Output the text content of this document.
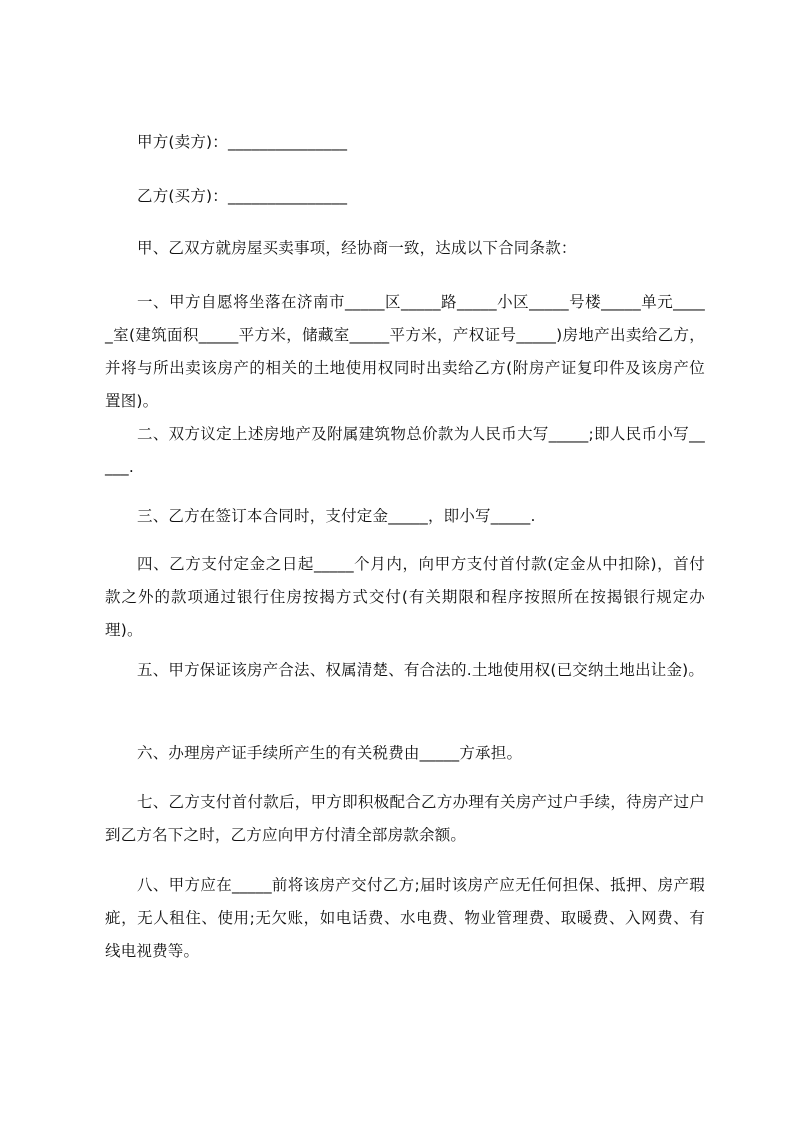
甲方(卖方)：_______________
乙方(买方)：_______________
甲、乙双方就房屋买卖事项，经协商一致，达成以下合同条款：
一、甲方自愿将坐落在济南市_____区_____路_____小区_____号楼_____单元_____室(建筑面积_____平方米，储藏室_____平方米，产权证号_____)房地产出卖给乙方，并将与所出卖该房产的相关的土地使用权同时出卖给乙方(附房产证复印件及该房产位置图)。
二、双方议定上述房地产及附属建筑物总价款为人民币大写_____;即人民币小写_____.
三、乙方在签订本合同时，支付定金_____，即小写_____.
四、乙方支付定金之日起_____个月内，向甲方支付首付款(定金从中扣除)，首付款之外的款项通过银行住房按揭方式交付(有关期限和程序按照所在按揭银行规定办理)。
五、甲方保证该房产合法、权属清楚、有合法的.土地使用权(已交纳土地出让金)。
六、办理房产证手续所产生的有关税费由_____方承担。
七、乙方支付首付款后，甲方即积极配合乙方办理有关房产过户手续，待房产过户到乙方名下之时，乙方应向甲方付清全部房款余额。
八、甲方应在_____前将该房产交付乙方;届时该房产应无任何担保、抵押、房产瑕疵，无人租住、使用;无欠账，如电话费、水电费、物业管理费、取暖费、入网费、有线电视费等。
